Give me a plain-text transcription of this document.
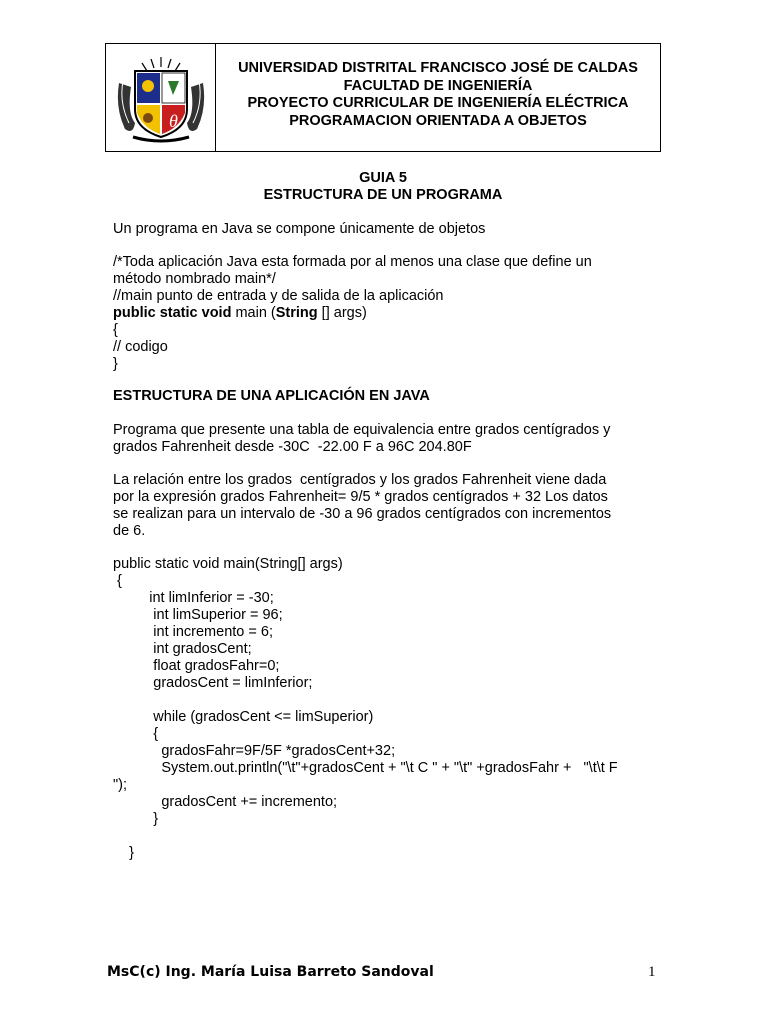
θ
UNIVERSIDAD DISTRITAL FRANCISCO JOSÉ DE CALDAS
FACULTAD DE INGENIERÍA
PROYECTO CURRICULAR DE INGENIERÍA ELÉCTRICA
PROGRAMACION ORIENTADA A OBJETOS
GUIA 5
ESTRUCTURA DE UN PROGRAMA
Un programa en Java se compone únicamente de objetos
/*Toda aplicación Java esta formada por al menos una clase que define un
método nombrado main*/
//main punto de entrada y de salida de la aplicación
public static void main (String [] args)
{
// codigo
}
ESTRUCTURA DE UNA APLICACIÓN EN JAVA
Programa que presente una tabla de equivalencia entre grados centígrados y
grados Fahrenheit desde -30C  -22.00 F a 96C 204.80F
La relación entre los grados  centígrados y los grados Fahrenheit viene dada
por la expresión grados Fahrenheit= 9/5 * grados centígrados + 32 Los datos
se realizan para un intervalo de -30 a 96 grados centígrados con incrementos
de 6.
public static void main(String[] args)
{
int limInferior = -30;
int limSuperior = 96;
int incremento = 6;
int gradosCent;
float gradosFahr=0;
gradosCent = limInferior;
while (gradosCent <= limSuperior)
{
gradosFahr=9F/5F *gradosCent+32;
System.out.println("\t"+gradosCent + "\t C " + "\t" +gradosFahr +   "\t\t F
");
gradosCent += incremento;
}
}
MsC(c) Ing. María Luisa Barreto Sandoval	1
